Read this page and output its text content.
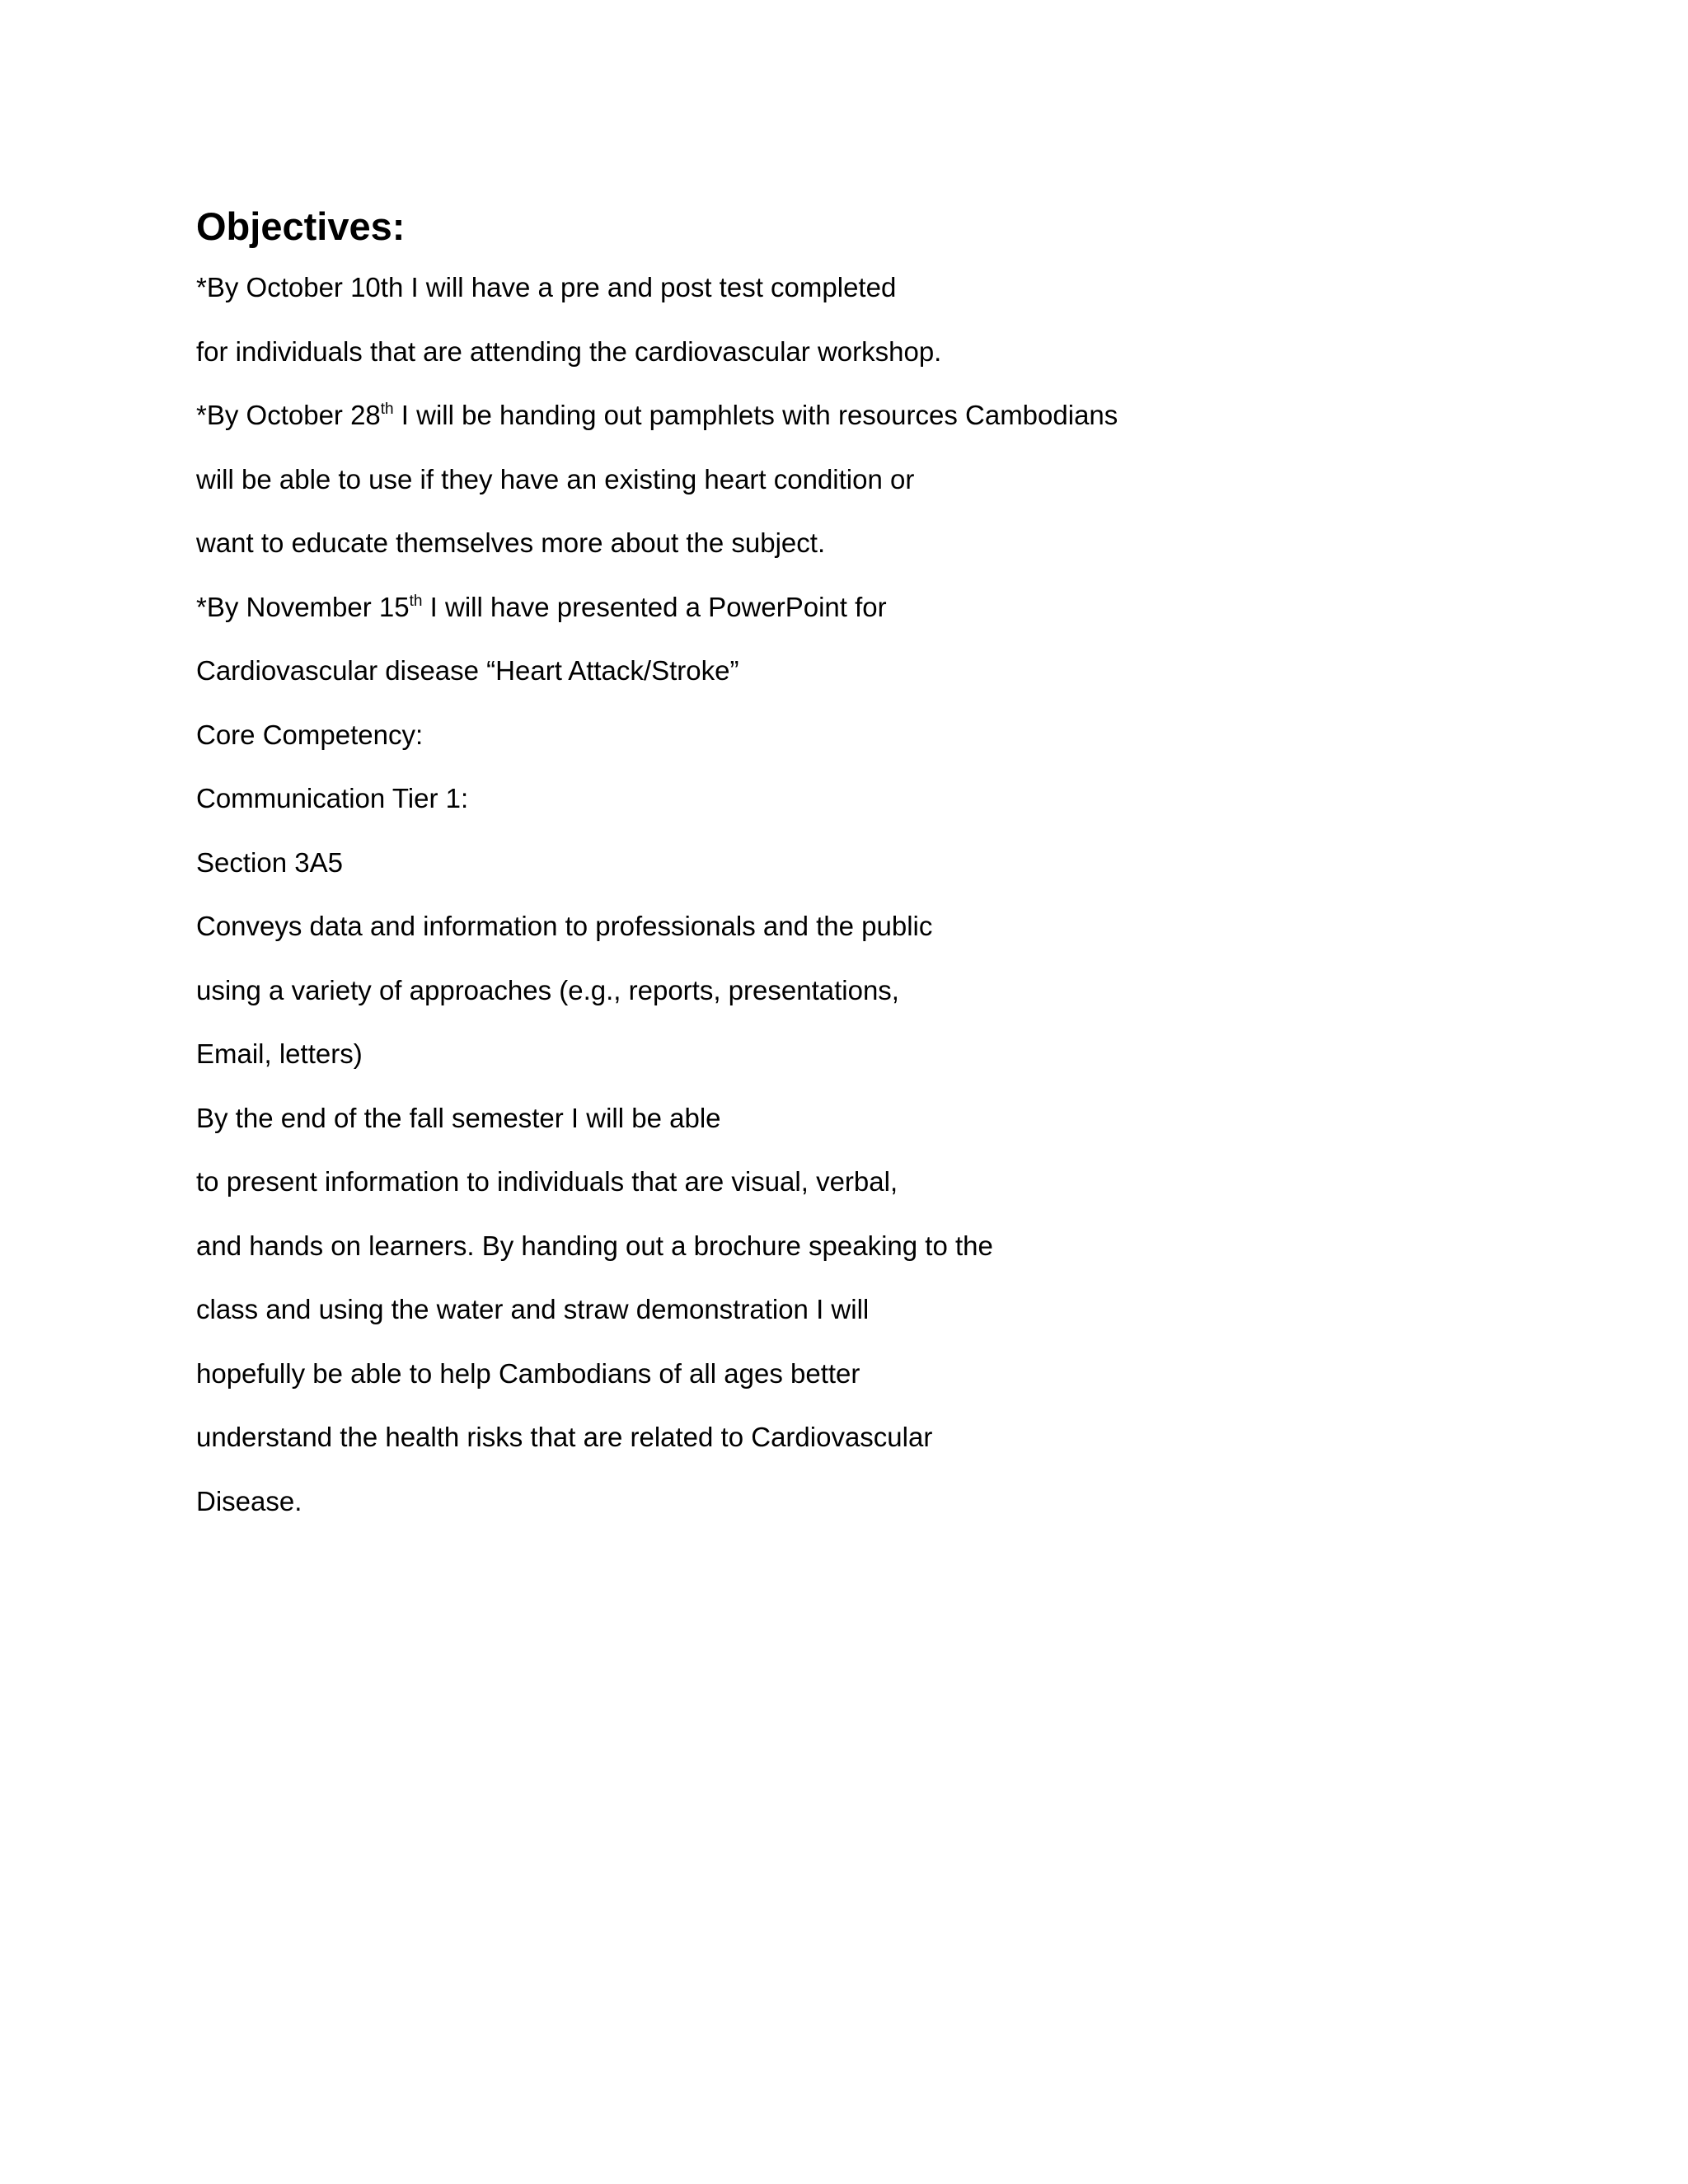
Objectives:
*By October 10th I will have a pre and post test completed
for individuals that are attending the cardiovascular workshop.
*By October 28th I will be handing out pamphlets with resources Cambodians
will be able to use if they have an existing heart condition or
want to educate themselves more about the subject.
*By November 15th I will have presented a PowerPoint for
Cardiovascular disease “Heart Attack/Stroke”
Core Competency:
Communication Tier 1:
Section 3A5
Conveys data and information to professionals and the public
using a variety of approaches (e.g., reports, presentations,
Email, letters)
By the end of the fall semester I will be able
to present information to individuals that are visual, verbal,
and hands on learners. By handing out a brochure speaking to the
class and using the water and straw demonstration I will
hopefully be able to help Cambodians of all ages better
understand the health risks that are related to Cardiovascular
Disease.
